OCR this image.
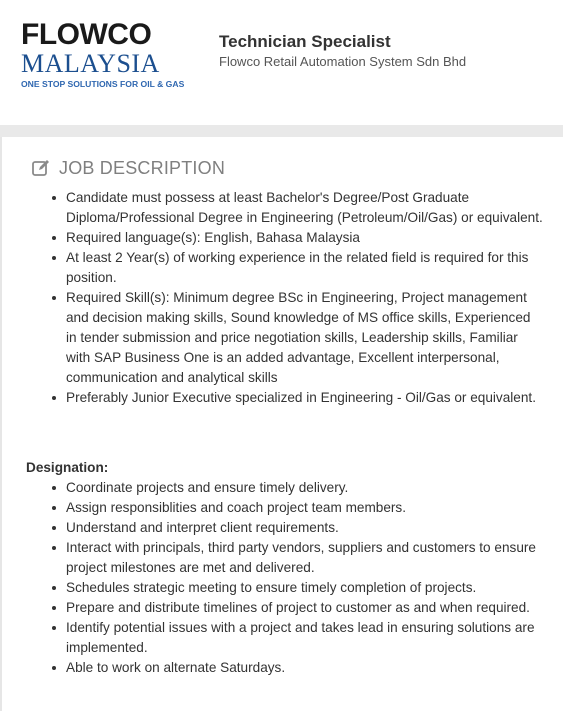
FLOWCO
MALAYSIA
ONE STOP SOLUTIONS FOR OIL & GAS
Technician Specialist
Flowco Retail Automation System Sdn Bhd
JOB DESCRIPTION
Candidate must possess at least Bachelor's Degree/Post Graduate Diploma/Professional Degree in Engineering (Petroleum/Oil/Gas) or equivalent.
Required language(s): English, Bahasa Malaysia
At least 2 Year(s) of working experience in the related field is required for this position.
Required Skill(s): Minimum degree BSc in Engineering, Project management and decision making skills, Sound knowledge of MS office skills, Experienced in tender submission and price negotiation skills, Leadership skills, Familiar with SAP Business One is an added advantage, Excellent interpersonal, communication and analytical skills
Preferably Junior Executive specialized in Engineering - Oil/Gas or equivalent.
Designation:
Coordinate projects and ensure timely delivery.
Assign responsiblities and coach project team members.
Understand and interpret client requirements.
Interact with principals, third party vendors, suppliers and customers to ensure project milestones are met and delivered.
Schedules strategic meeting to ensure timely completion of projects.
Prepare and distribute timelines of project to customer as and when required.
Identify potential issues with a project and takes lead in ensuring solutions are implemented.
Able to work on alternate Saturdays.
